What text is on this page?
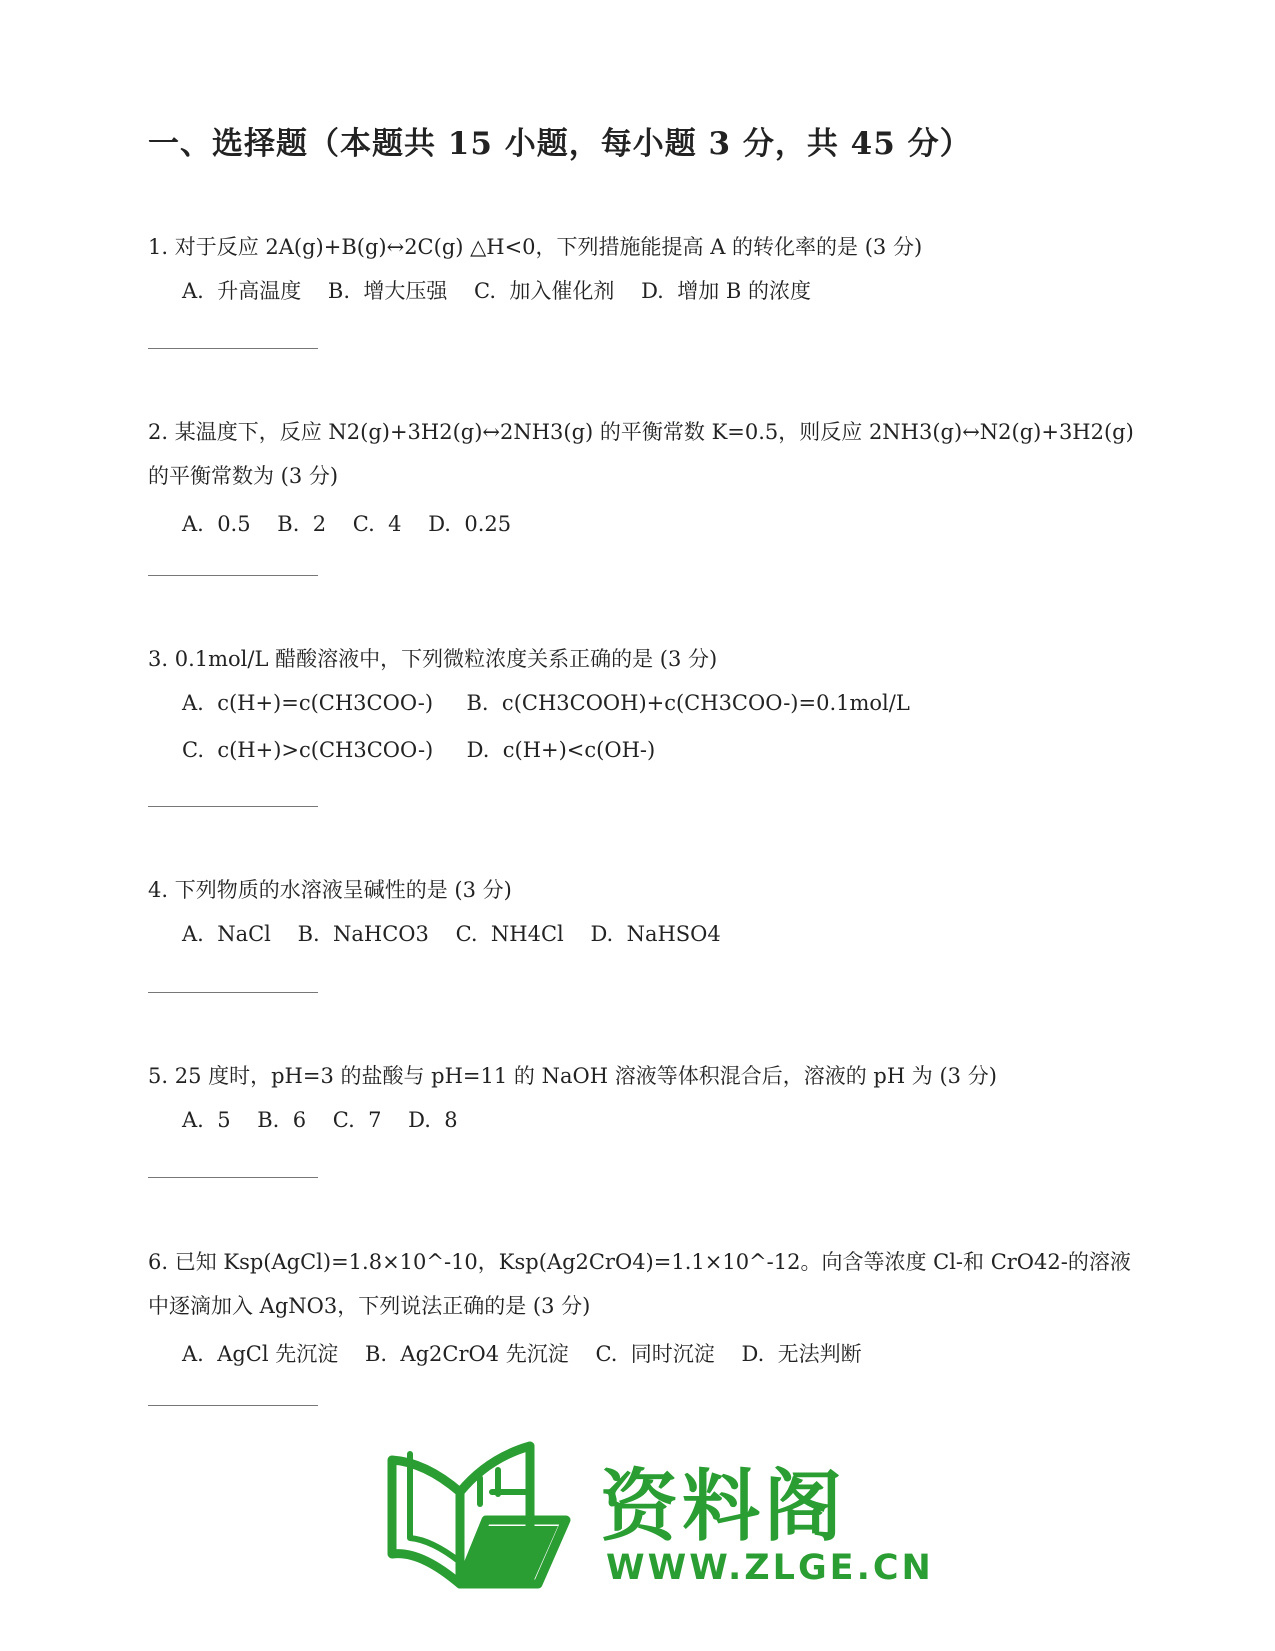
一、选择题（本题共 15 小题，每小题 3 分，共 45 分）
1. 对于反应 2A(g)+B(g)↔2C(g) △H<0，下列措施能提高 A 的转化率的是 (3 分)
A.  升高温度    B.  增大压强    C.  加入催化剂    D.  增加 B 的浓度
2. 某温度下，反应 N2(g)+3H2(g)↔2NH3(g) 的平衡常数 K=0.5，则反应 2NH3(g)↔N2(g)+3H2(g)
的平衡常数为 (3 分)
A.  0.5    B.  2    C.  4    D.  0.25
3. 0.1mol/L 醋酸溶液中，下列微粒浓度关系正确的是 (3 分)
A.  c(H+)=c(CH3COO-)     B.  c(CH3COOH)+c(CH3COO-)=0.1mol/L
C.  c(H+)>c(CH3COO-)     D.  c(H+)<c(OH-)
4. 下列物质的水溶液呈碱性的是 (3 分)
A.  NaCl    B.  NaHCO3    C.  NH4Cl    D.  NaHSO4
5. 25 度时，pH=3 的盐酸与 pH=11 的 NaOH 溶液等体积混合后，溶液的 pH 为 (3 分)
A.  5    B.  6    C.  7    D.  8
6. 已知 Ksp(AgCl)=1.8×10^-10，Ksp(Ag2CrO4)=1.1×10^-12。向含等浓度 Cl-和 CrO42-的溶液
中逐滴加入 AgNO3，下列说法正确的是 (3 分)
A.  AgCl 先沉淀    B.  Ag2CrO4 先沉淀    C.  同时沉淀    D.  无法判断
资料阁
WWW.ZLGE.CN
